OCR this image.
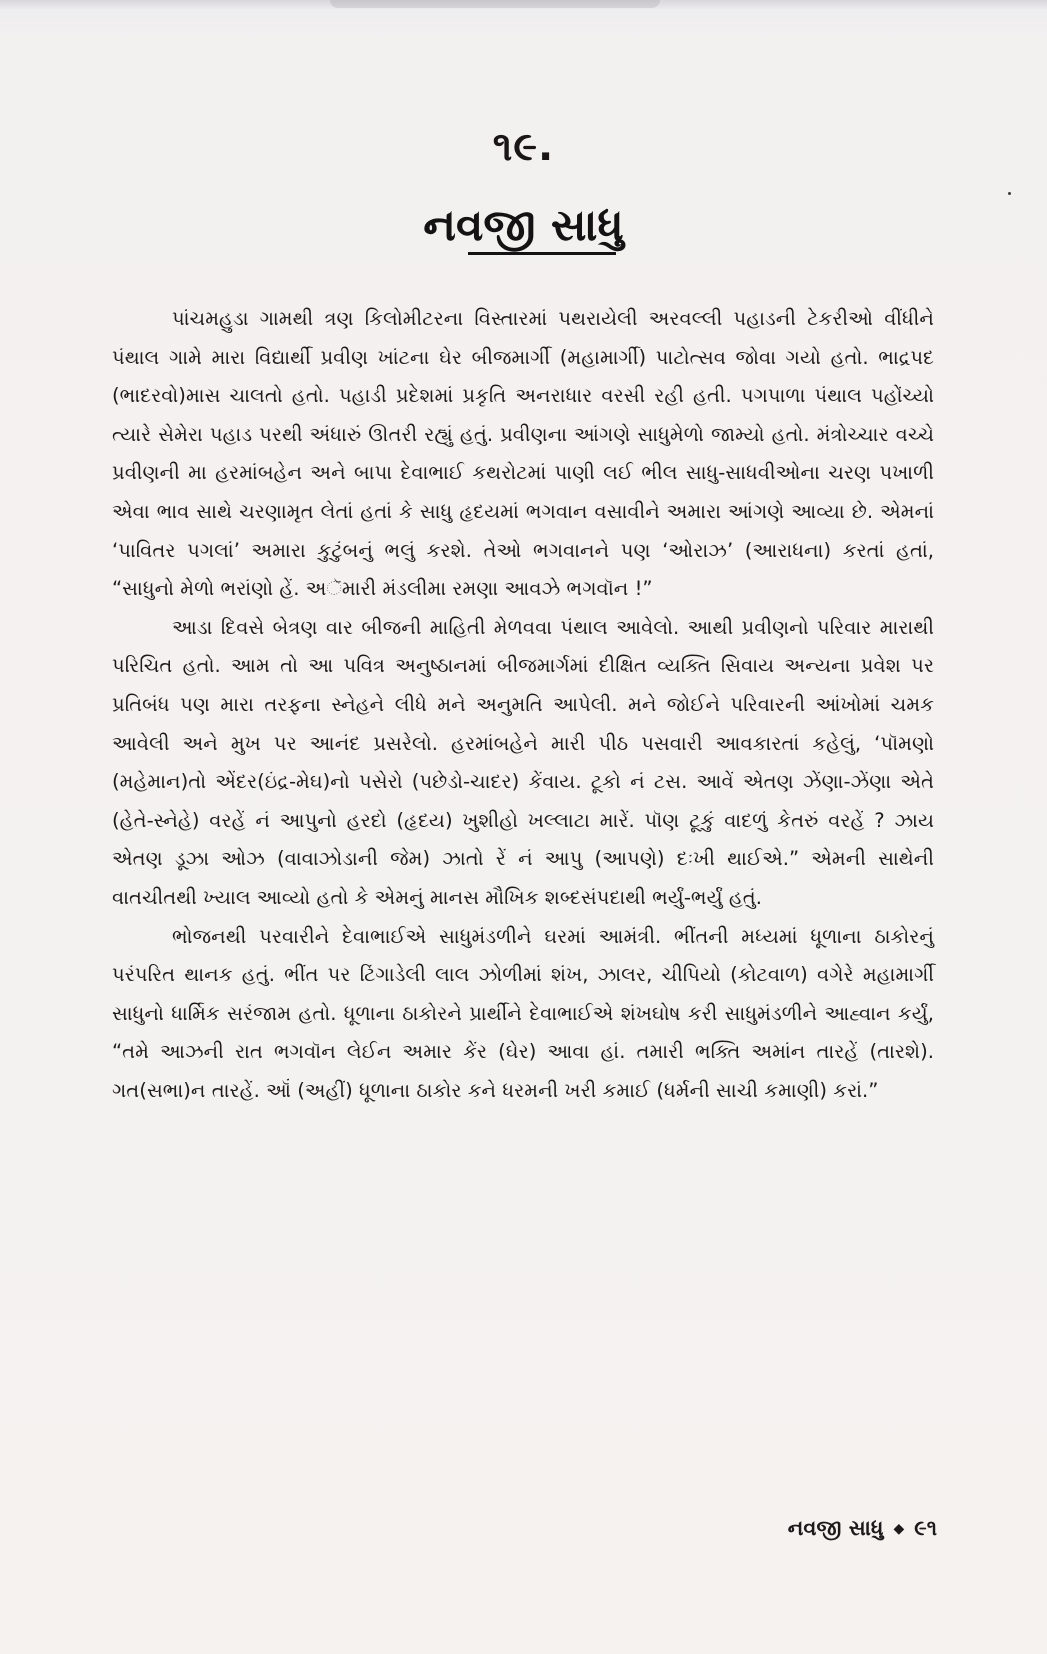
૧૯.
નવજી સાધુ

પાંચમહુડા ગામથી ત્રણ કિલોમીટરના વિસ્તારમાં પથરાયેલી અરવલ્લી પહાડની ટેકરીઓ વીંધીને પંથાલ ગામે મારા વિદ્યાર્થી પ્રવીણ ખાંટના ઘેર બીજમાર્ગી (મહામાર્ગી) પાટોત્સવ જોવા ગયો હતો. ભાદ્રપદ (ભાદરવો)માસ ચાલતો હતો. પહાડી પ્રદેશમાં પ્રકૃતિ અનરાધાર વરસી રહી હતી. પગપાળા પંથાલ પહોંચ્યો ત્યારે સેમેરા પહાડ પરથી અંધારું ઊતરી રહ્યું હતું. પ્રવીણના આંગણે સાધુમેળો જામ્યો હતો. મંત્રોચ્ચાર વચ્ચે પ્રવીણની મા હરમાંબહેન અને બાપા દેવાભાઈ કથરોટમાં પાણી લઈ ભીલ સાધુ-સાધવીઓના ચરણ પખાળી એવા ભાવ સાથે ચરણામૃત લેતાં હતાં કે સાધુ હૃદયમાં ભગવાન વસાવીને અમારા આંગણે આવ્યા છે. એમનાં ‘પાવિતર પગલાં’ અમારા કુટુંબનું ભલું કરશે. તેઓ ભગવાનને પણ ‘ઓરાઝ’ (આરાધના) કરતાં હતાં, “સાધુનો મેળો ભરાંણો હેં. અૅમારી મંડલીમા રમણા આવઝે ભગવૉન !”

આડા દિવસે બેત્રણ વાર બીજની માહિતી મેળવવા પંથાલ આવેલો. આથી પ્રવીણનો પરિવાર મારાથી પરિચિત હતો. આમ તો આ પવિત્ર અનુષ્ઠાનમાં બીજમાર્ગમાં દીક્ષિત વ્યક્તિ સિવાય અન્યના પ્રવેશ પર પ્રતિબંધ પણ મારા તરફના સ્નેહને લીધે મને અનુમતિ આપેલી. મને જોઈને પરિવારની આંખોમાં ચમક આવેલી અને મુખ પર આનંદ પ્રસરેલો. હરમાંબહેને મારી પીઠ પસવારી આવકારતાં કહેલું, ‘પૉમણો (મહેમાન)તો એંદર(ઇંદ્ર-મેઘ)નો પસેરો (પછેડો-ચાદર) કેંવાય. ટૂકો નં ટસ. આવેં એતણ ઝેંણા-ઝેંણા એતે (હેતે-સ્નેહે) વરહેં નં આપુનો હરદો (હૃદય) ખુશીહો ખલ્લાટા મારેં. પૉણ ટૂકું વાદળું કેતરું વરહેં ? ઝાય એતણ ડૂઝા ઓઝ (વાવાઝોડાની જેમ) ઝાતો રેં નં આપુ (આપણે) દઃખી થાઈએ.” એમની સાથેની વાતચીતથી ખ્યાલ આવ્યો હતો કે એમનું માનસ મૌખિક શબ્દસંપદાથી ભર્યું-ભર્યું હતું.

ભોજનથી પરવારીને દેવાભાઈએ સાધુમંડળીને ઘરમાં આમંત્રી. ભીંતની મધ્યમાં ધૂળાના ઠાકોરનું પરંપરિત થાનક હતું. ભીંત પર ટિંગાડેલી લાલ ઝોળીમાં શંખ, ઝાલર, ચીપિયો (કોટવાળ) વગેરે મહામાર્ગી સાધુનો ધાર્મિક સરંજામ હતો. ધૂળાના ઠાકોરને પ્રાર્થીને દેવાભાઈએ શંખઘોષ કરી સાધુમંડળીને આહ્વાન કર્યું, “તમે આઝની રાત ભગવૉન લેઈન અમાર કેંર (ઘેર) આવા હાં. તમારી ભક્તિ અમાંન તારહેં (તારશે). ગત(સભા)ન તારહેં. ઑં (અહીં) ધૂળાના ઠાકોર કને ધરમની ખરી કમાઈ (ધર્મની સાચી કમાણી) કરાં.”

નવજી સાધુ ◆ ૯૧
